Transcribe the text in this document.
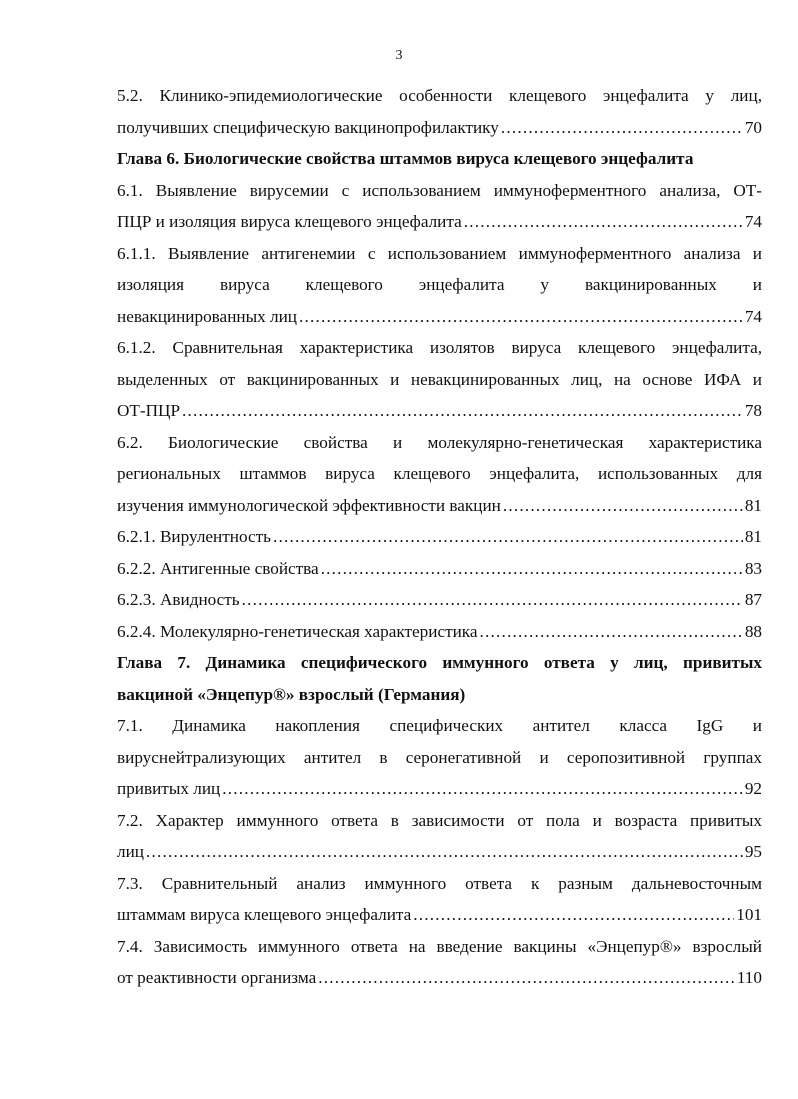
3
5.2. Клинико-эпидемиологические особенности клещевого энцефалита у лиц,
получивших специфическую вакцинопрофилактику .....	70
Глава 6. Биологические свойства штаммов вируса клещевого энцефалита
6.1. Выявление вирусемии с использованием иммуноферментного анализа, ОТ-
ПЦР и изоляция вируса клещевого энцефалита .....	74
6.1.1. Выявление антигенемии с использованием иммуноферментного анализа и
изоляция вируса клещевого энцефалита у вакцинированных и
невакцинированных лиц .....	74
6.1.2. Сравнительная характеристика изолятов вируса клещевого энцефалита,
выделенных от вакцинированных и невакцинированных лиц, на основе ИФА и
ОТ-ПЦР .....	78
6.2. Биологические свойства и молекулярно-генетическая характеристика
региональных штаммов вируса клещевого энцефалита, использованных для
изучения иммунологической эффективности вакцин .....	81
6.2.1. Вирулентность .....	81
6.2.2. Антигенные свойства .....	83
6.2.3. Авидность .....	87
6.2.4. Молекулярно-генетическая характеристика .....	88
Глава 7. Динамика специфического иммунного ответа у лиц, привитых
вакциной «Энцепур®» взрослый (Германия)
7.1. Динамика накопления специфических антител класса IgG и
вируснейтрализующих антител в серонегативной и серопозитивной группах
привитых лиц .....	92
7.2. Характер иммунного ответа в зависимости от пола и возраста привитых
лиц .....	95
7.3. Сравнительный анализ иммунного ответа к разным дальневосточным
штаммам вируса клещевого энцефалита .....	101
7.4. Зависимость иммунного ответа на введение вакцины «Энцепур®» взрослый
от реактивности организма .....	110
